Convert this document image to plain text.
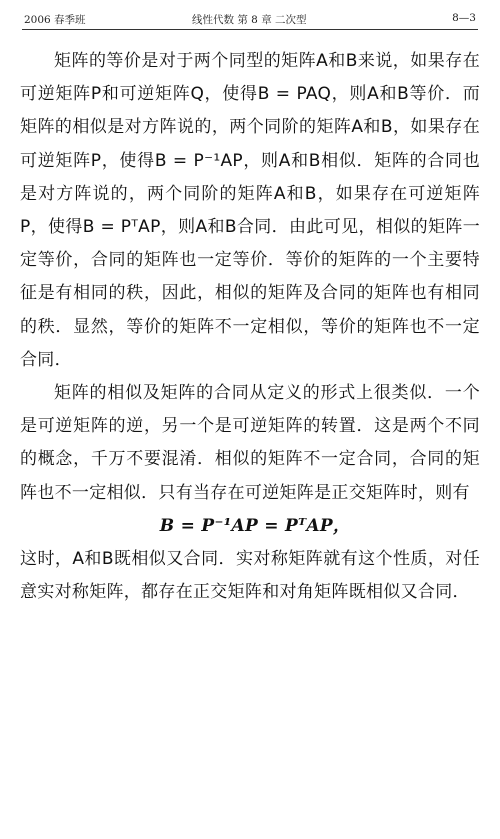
2006 春季班	线性代数 第 8 章 二次型	8—3

矩阵的等价是对于两个同型的矩阵A和B来说，如果存在可逆矩阵P和可逆矩阵Q，使得B = PAQ，则A和B等价．而矩阵的相似是对方阵说的，两个同阶的矩阵A和B，如果存在可逆矩阵P，使得B = P⁻¹AP，则A和B相似．矩阵的合同也是对方阵说的，两个同阶的矩阵A和B，如果存在可逆矩阵P，使得B = PᵀAP，则A和B合同．由此可见，相似的矩阵一定等价，合同的矩阵也一定等价．等价的矩阵的一个主要特征是有相同的秩，因此，相似的矩阵及合同的矩阵也有相同的秩．显然，等价的矩阵不一定相似，等价的矩阵也不一定合同．

矩阵的相似及矩阵的合同从定义的形式上很类似．一个是可逆矩阵的逆，另一个是可逆矩阵的转置．这是两个不同的概念，千万不要混淆．相似的矩阵不一定合同，合同的矩阵也不一定相似．只有当存在可逆矩阵是正交矩阵时，则有

B = P⁻¹AP = PᵀAP，

这时，A和B既相似又合同．实对称矩阵就有这个性质，对任意实对称矩阵，都存在正交矩阵和对角矩阵既相似又合同．
